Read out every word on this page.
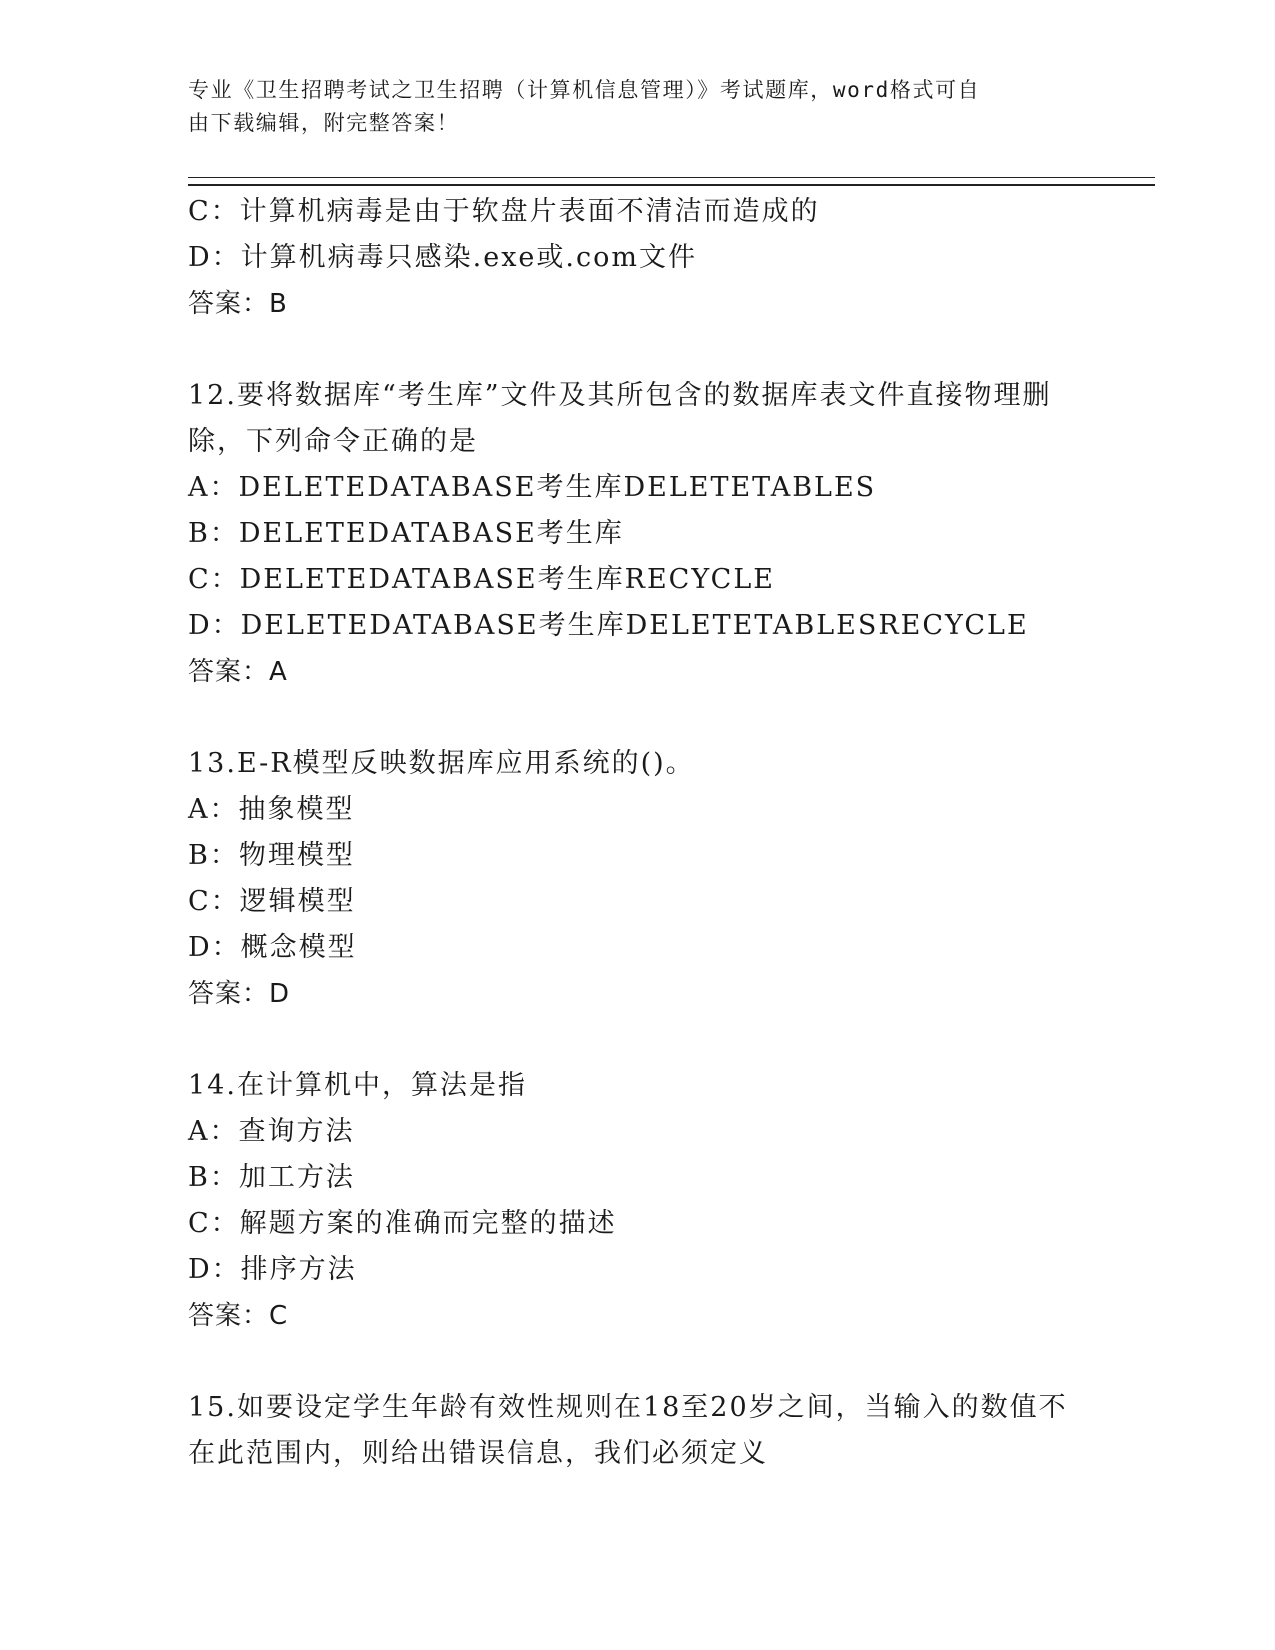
专业《卫生招聘考试之卫生招聘（计算机信息管理）》考试题库，word格式可自
由下载编辑，附完整答案！
C：计算机病毒是由于软盘片表面不清洁而造成的
D：计算机病毒只感染.exe或.com文件
答案：B
12.要将数据库“考生库”文件及其所包含的数据库表文件直接物理删
除，下列命令正确的是
A：DELETEDATABASE考生库DELETETABLES
B：DELETEDATABASE考生库
C：DELETEDATABASE考生库RECYCLE
D：DELETEDATABASE考生库DELETETABLESRECYCLE
答案：A
13.E-R模型反映数据库应用系统的()。
A：抽象模型
B：物理模型
C：逻辑模型
D：概念模型
答案：D
14.在计算机中，算法是指
A：查询方法
B：加工方法
C：解题方案的准确而完整的描述
D：排序方法
答案：C
15.如要设定学生年龄有效性规则在18至20岁之间，当输入的数值不
在此范围内，则给出错误信息，我们必须定义
